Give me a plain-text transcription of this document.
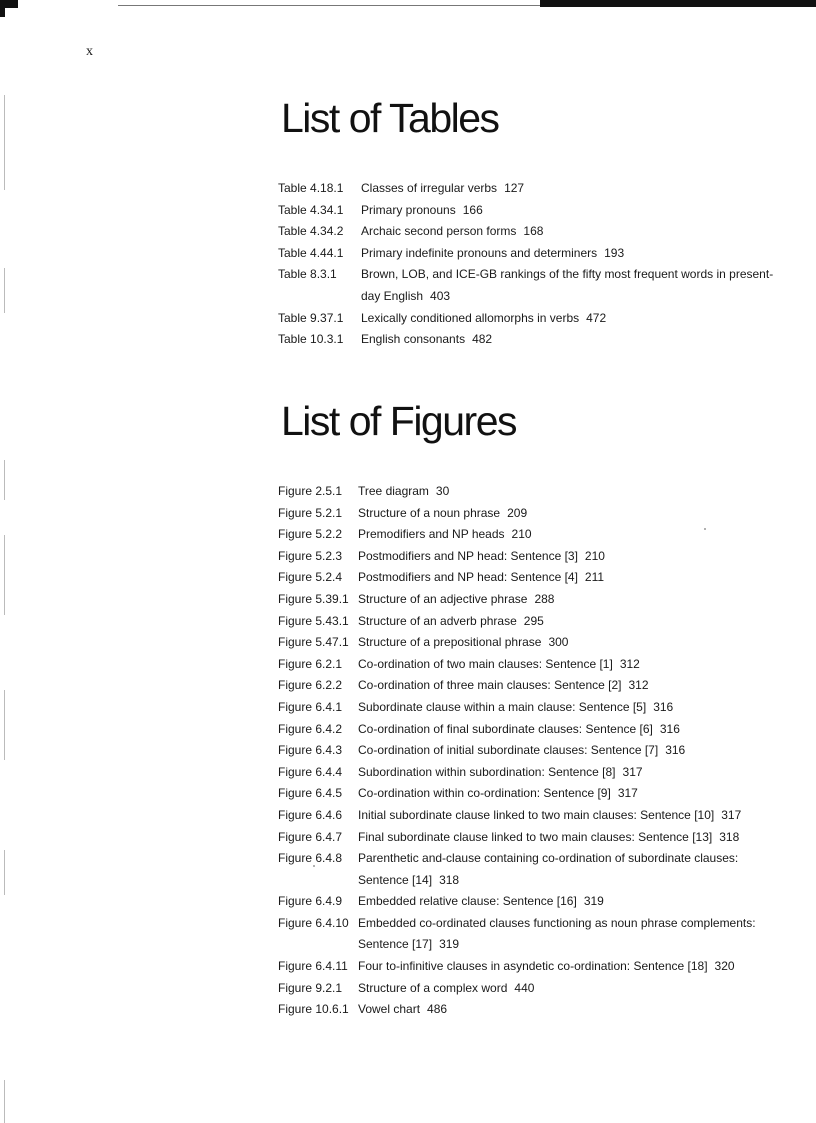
x
List of Tables
Table 4.18.1	Classes of irregular verbs 127
Table 4.34.1	Primary pronouns 166
Table 4.34.2	Archaic second person forms 168
Table 4.44.1	Primary indefinite pronouns and determiners 193
Table 8.3.1	Brown, LOB, and ICE-GB rankings of the fifty most frequent words in present-day English 403
Table 9.37.1	Lexically conditioned allomorphs in verbs 472
Table 10.3.1	English consonants 482
List of Figures
Figure 2.5.1	Tree diagram 30
Figure 5.2.1	Structure of a noun phrase 209
Figure 5.2.2	Premodifiers and NP heads 210
Figure 5.2.3	Postmodifiers and NP head: Sentence [3] 210
Figure 5.2.4	Postmodifiers and NP head: Sentence [4] 211
Figure 5.39.1 Structure of an adjective phrase 288
Figure 5.43.1 Structure of an adverb phrase 295
Figure 5.47.1 Structure of a prepositional phrase 300
Figure 6.2.1	Co-ordination of two main clauses: Sentence [1] 312
Figure 6.2.2	Co-ordination of three main clauses: Sentence [2] 312
Figure 6.4.1	Subordinate clause within a main clause: Sentence [5] 316
Figure 6.4.2	Co-ordination of final subordinate clauses: Sentence [6] 316
Figure 6.4.3	Co-ordination of initial subordinate clauses: Sentence [7] 316
Figure 6.4.4	Subordination within subordination: Sentence [8] 317
Figure 6.4.5	Co-ordination within co-ordination: Sentence [9] 317
Figure 6.4.6	Initial subordinate clause linked to two main clauses: Sentence [10] 317
Figure 6.4.7	Final subordinate clause linked to two main clauses: Sentence [13] 318
Figure 6.4.8	Parenthetic and-clause containing co-ordination of subordinate clauses: Sentence [14] 318
Figure 6.4.9	Embedded relative clause: Sentence [16] 319
Figure 6.4.10 Embedded co-ordinated clauses functioning as noun phrase complements: Sentence [17] 319
Figure 6.4.11 Four to-infinitive clauses in asyndetic co-ordination: Sentence [18] 320
Figure 9.2.1	Structure of a complex word 440
Figure 10.6.1 Vowel chart 486
